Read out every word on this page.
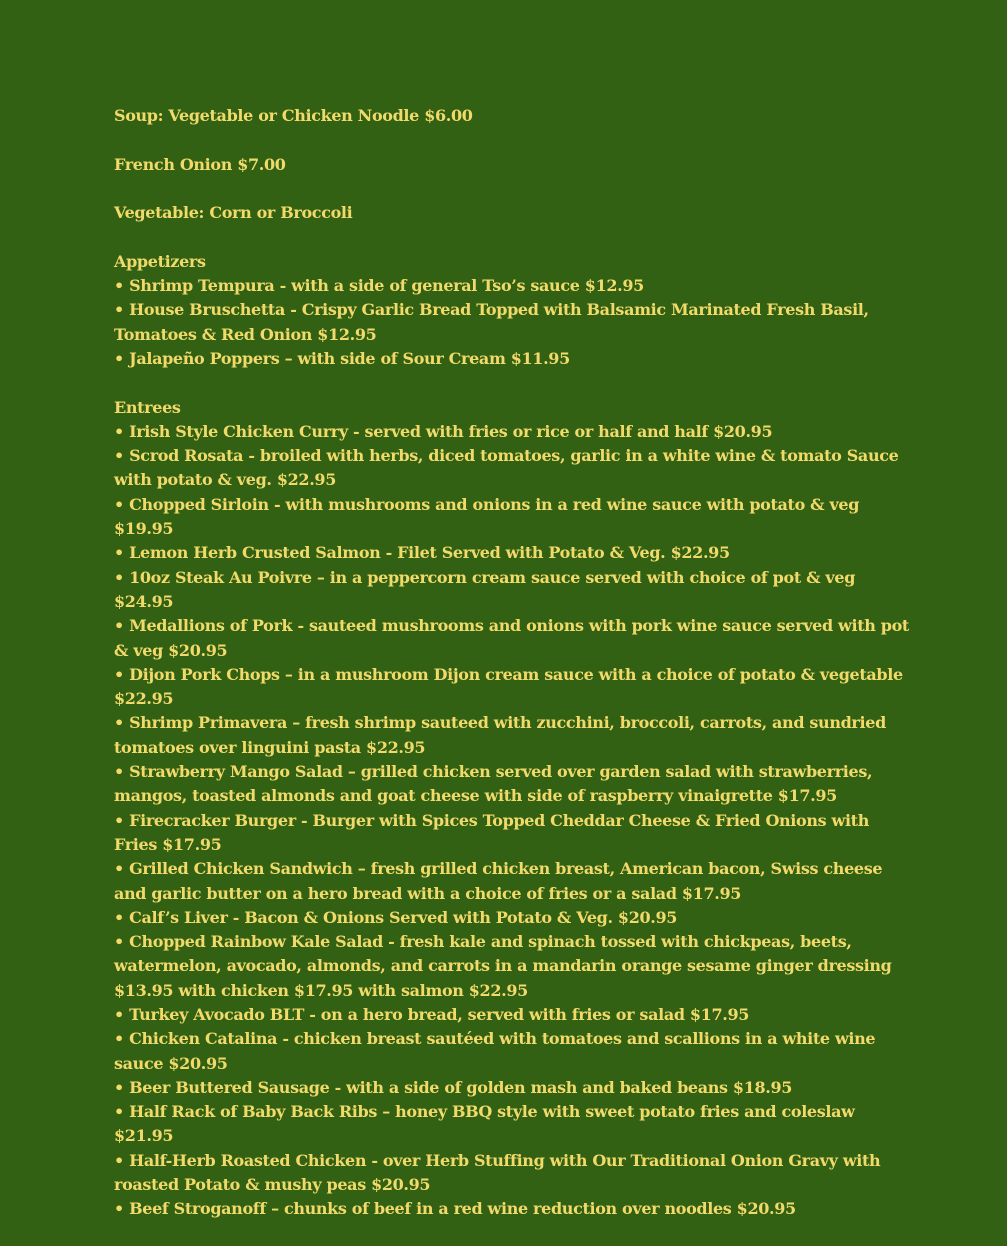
Soup: Vegetable or Chicken Noodle $6.00

French Onion $7.00

Vegetable: Corn or Broccoli

Appetizers
• Shrimp Tempura - with a side of general Tso’s sauce $12.95
• House Bruschetta - Crispy Garlic Bread Topped with Balsamic Marinated Fresh Basil, Tomatoes & Red Onion $12.95
• Jalapeño Poppers – with side of Sour Cream $11.95
Entrees
• Irish Style Chicken Curry - served with fries or rice or half and half $20.95
• Scrod Rosata - broiled with herbs, diced tomatoes, garlic in a white wine & tomato Sauce with potato & veg. $22.95
• Chopped Sirloin - with mushrooms and onions in a red wine sauce with potato & veg $19.95
• Lemon Herb Crusted Salmon - Filet Served with Potato & Veg. $22.95
• 10oz Steak Au Poivre – in a peppercorn cream sauce served with choice of pot & veg $24.95
• Medallions of Pork - sauteed mushrooms and onions with pork wine sauce served with pot & veg $20.95
• Dijon Pork Chops – in a mushroom Dijon cream sauce with a choice of potato & vegetable $22.95
• Shrimp Primavera – fresh shrimp sauteed with zucchini, broccoli, carrots, and sundried tomatoes over linguini pasta $22.95
• Strawberry Mango Salad – grilled chicken served over garden salad with strawberries, mangos, toasted almonds and goat cheese with side of raspberry vinaigrette $17.95
• Firecracker Burger - Burger with Spices Topped Cheddar Cheese & Fried Onions with Fries $17.95
• Grilled Chicken Sandwich – fresh grilled chicken breast, American bacon, Swiss cheese and garlic butter on a hero bread with a choice of fries or a salad $17.95
• Calf’s Liver - Bacon & Onions Served with Potato & Veg. $20.95
• Chopped Rainbow Kale Salad - fresh kale and spinach tossed with chickpeas, beets, watermelon, avocado, almonds, and carrots in a mandarin orange sesame ginger dressing $13.95 with chicken $17.95 with salmon $22.95
• Turkey Avocado BLT - on a hero bread, served with fries or salad $17.95
• Chicken Catalina - chicken breast sautéed with tomatoes and scallions in a white wine sauce $20.95
• Beer Buttered Sausage - with a side of golden mash and baked beans $18.95
• Half Rack of Baby Back Ribs – honey BBQ style with sweet potato fries and coleslaw $21.95
• Half-Herb Roasted Chicken - over Herb Stuffing with Our Traditional Onion Gravy with roasted Potato & mushy peas $20.95
• Beef Stroganoff – chunks of beef in a red wine reduction over noodles $20.95
